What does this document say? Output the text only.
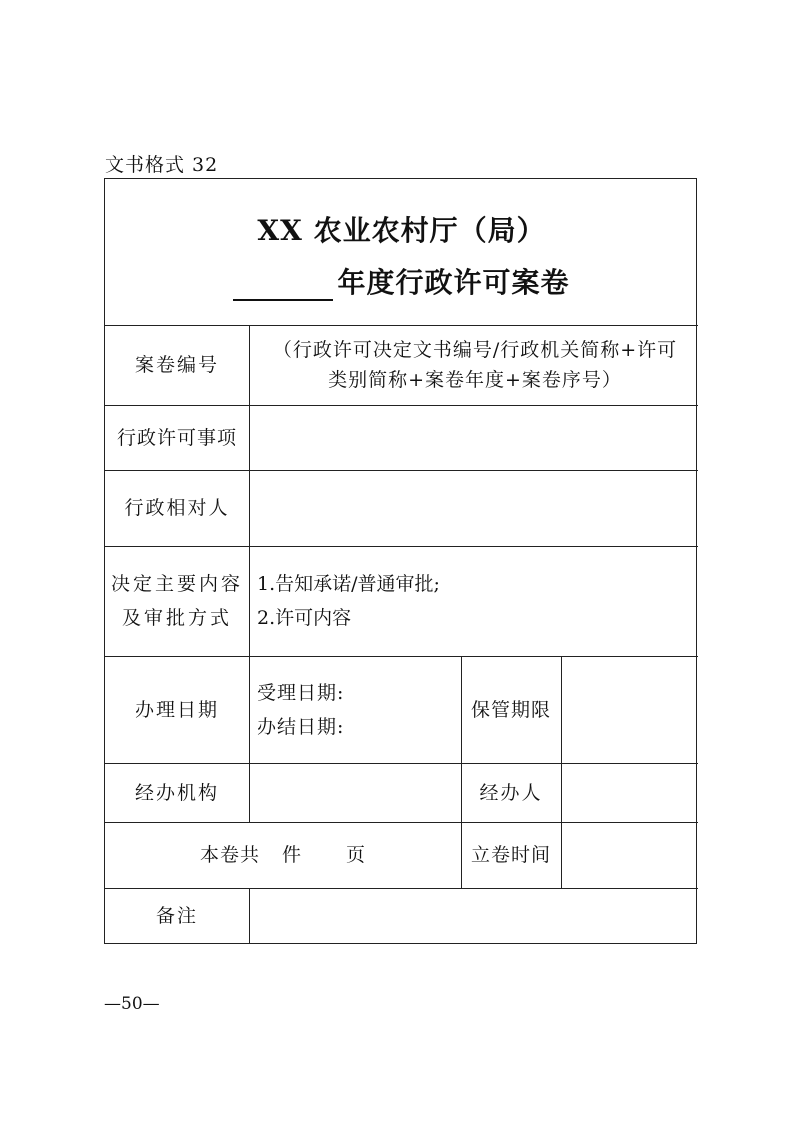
文书格式 32
XX 农业农村厅（局）
年度行政许可案卷
案卷编号
（行政许可决定文书编号/行政机关简称+许可类别简称+案卷年度+案卷序号）
行政许可事项
行政相对人
决定主要内容及审批方式
1.告知承诺/普通审批;
2.许可内容
办理日期
受理日期:
办结日期:
保管期限
经办机构	经办人
本卷共 件 页	立卷时间
备注
—50—
